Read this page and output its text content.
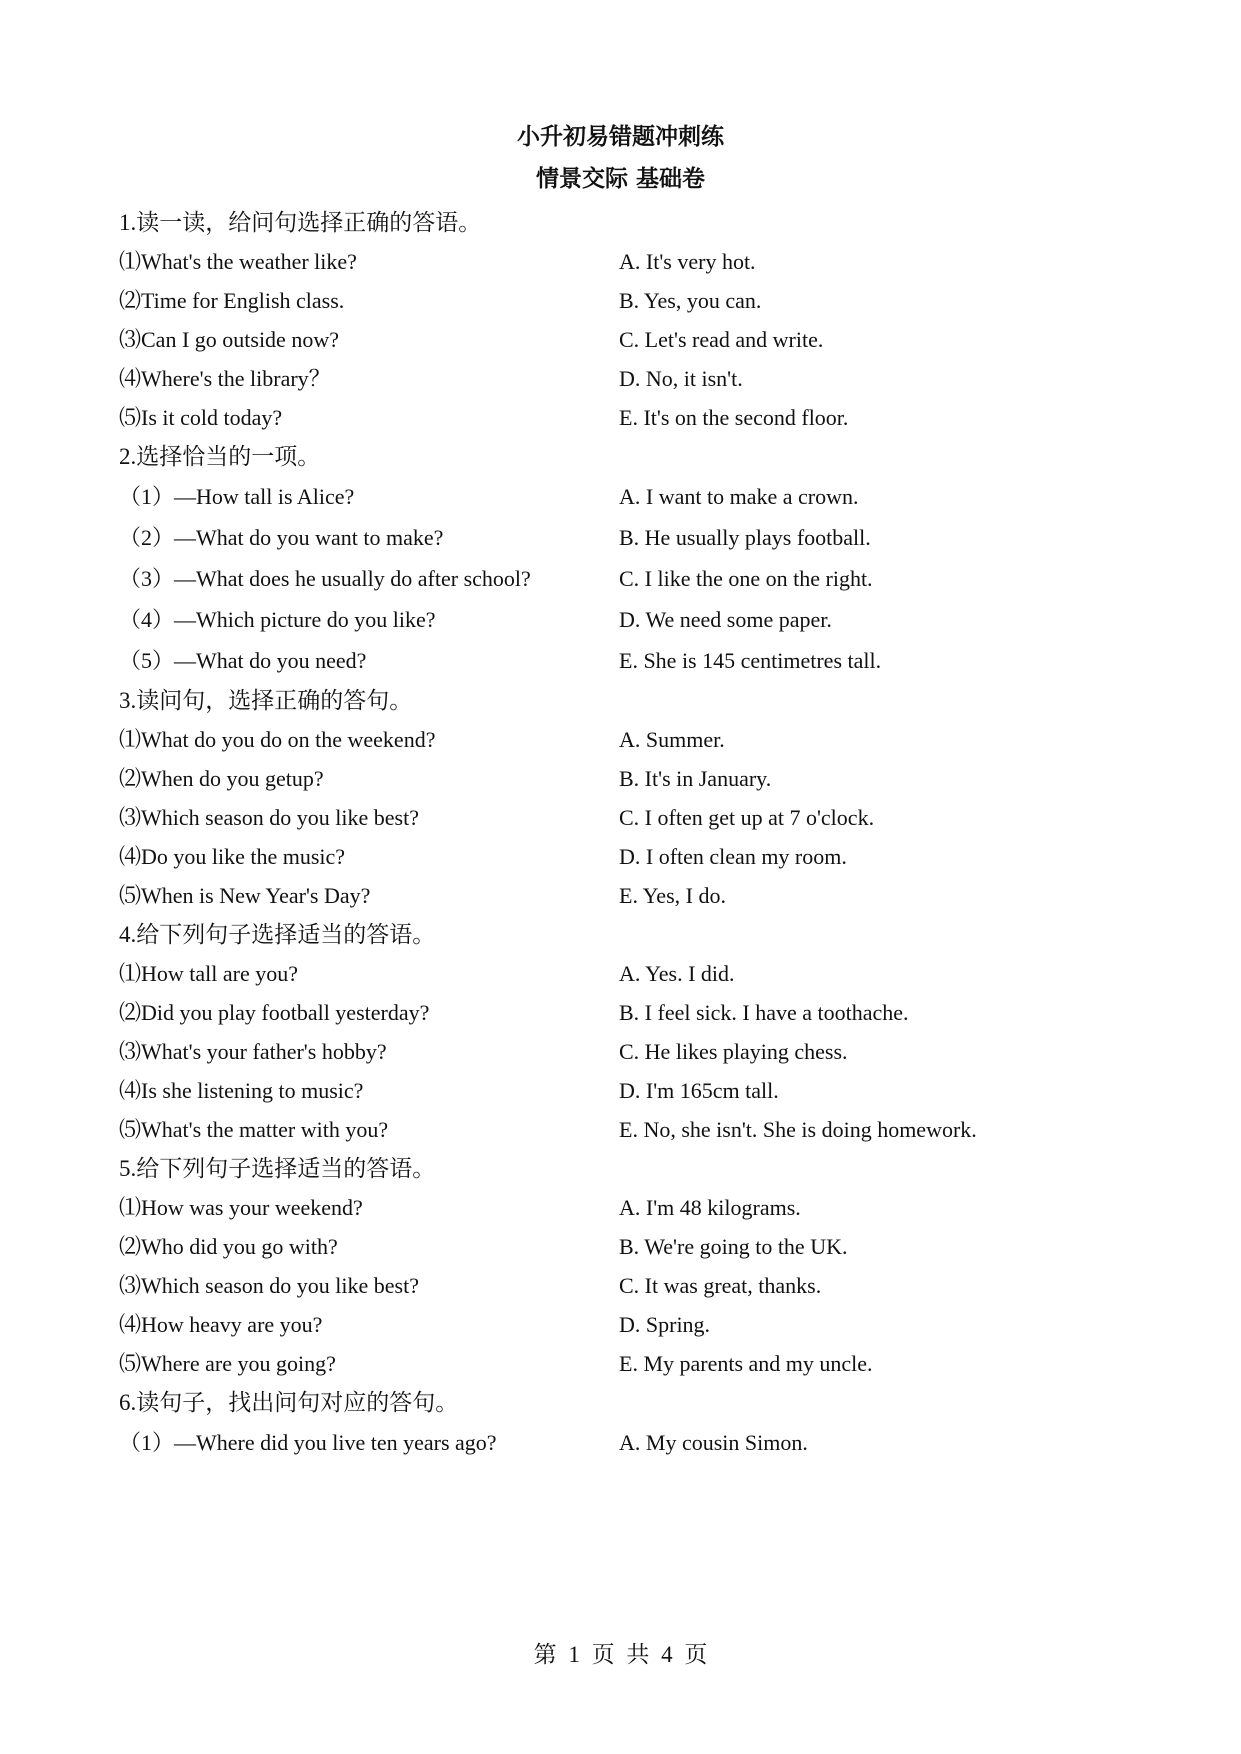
小升初易错题冲刺练
情景交际 基础卷
1.读一读，给问句选择正确的答语。
⑴What's the weather like?	A. It's very hot.
⑵Time for English class.	B. Yes, you can.
⑶Can I go outside now?	C. Let's read and write.
⑷Where's the library？	D. No, it isn't.
⑸Is it cold today?	E. It's on the second floor.
2.选择恰当的一项。
（1）—How tall is Alice?	A. I want to make a crown.
（2）—What do you want to make?	B. He usually plays football.
（3）—What does he usually do after school?	C. I like the one on the right.
（4）—Which picture do you like?	D. We need some paper.
（5）—What do you need?	E. She is 145 centimetres tall.
3.读问句，选择正确的答句。
⑴What do you do on the weekend?	A. Summer.
⑵When do you getup?	B. It's in January.
⑶Which season do you like best?	C. I often get up at 7 o'clock.
⑷Do you like the music?	D. I often clean my room.
⑸When is New Year's Day?	E. Yes, I do.
4.给下列句子选择适当的答语。
⑴How tall are you?	A. Yes. I did.
⑵Did you play football yesterday?	B. I feel sick. I have a toothache.
⑶What's your father's hobby?	C. He likes playing chess.
⑷Is she listening to music?	D. I'm 165cm tall.
⑸What's the matter with you?	E. No, she isn't. She is doing homework.
5.给下列句子选择适当的答语。
⑴How was your weekend?	A. I'm 48 kilograms.
⑵Who did you go with?	B. We're going to the UK.
⑶Which season do you like best?	C. It was great, thanks.
⑷How heavy are you?	D. Spring.
⑸Where are you going?	E. My parents and my uncle.
6.读句子，找出问句对应的答句。
（1）—Where did you live ten years ago?	A. My cousin Simon.
第 1 页 共 4 页
